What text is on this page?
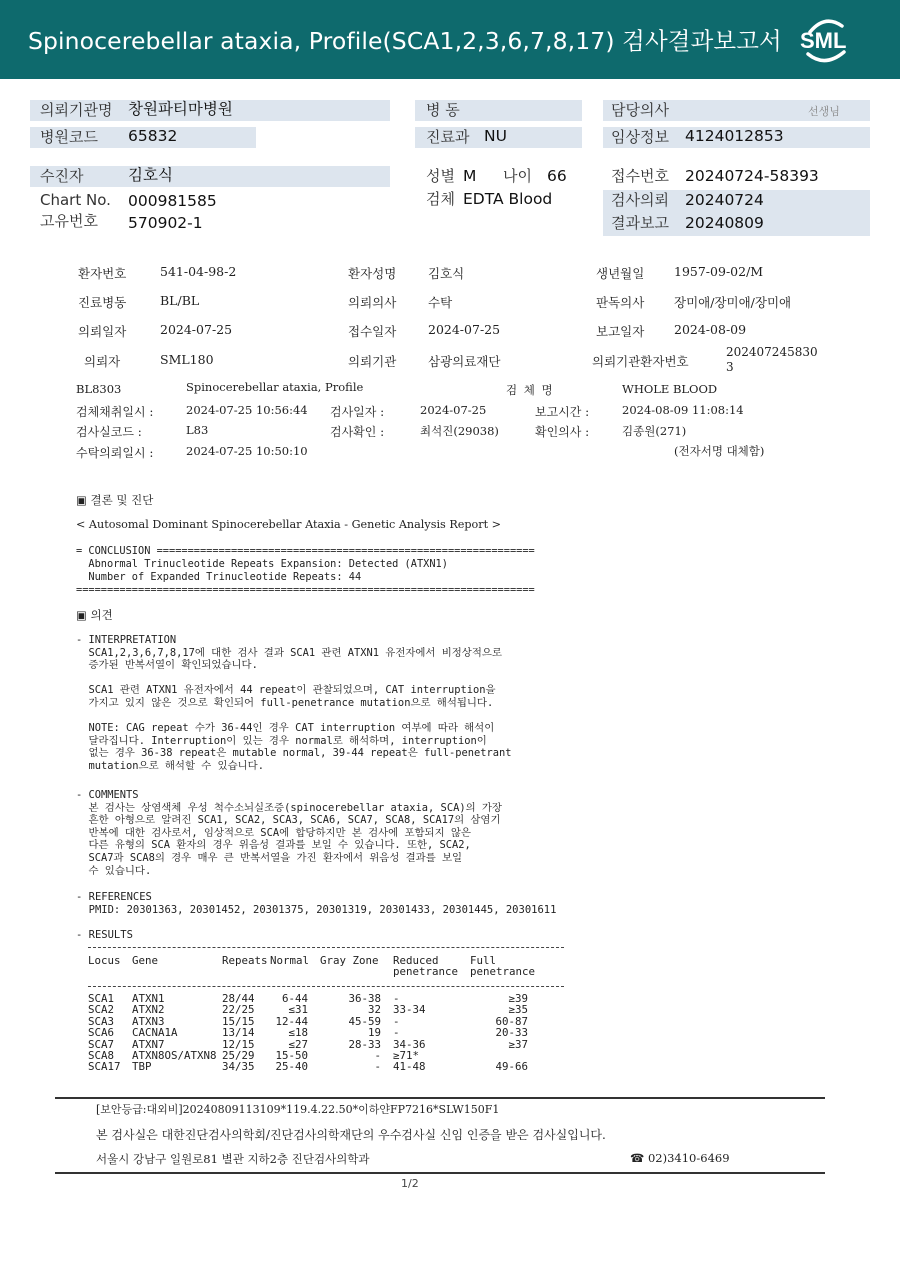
Spinocerebellar ataxia, Profile(SCA1,2,3,6,7,8,17) 검사결과보고서 SML
의뢰기관명 창원파티마병원
병원코드 65832
병 동
진료과 NU
담당의사	선생님
임상정보 4124012853
수진자	김호식
Chart No. 000981585
고유번호 570902-1
성별 M 나이 66
검체 EDTA Blood
접수번호 20240724-58393
검사의뢰 20240724
결과보고 20240809
환자번호	541-04-98-2	환자성명	김호식	생년월일 1957-09-02/M
진료병동	BL/BL	의뢰의사	수탁	판독의사 장미애/장미애/장미애
의뢰일자	2024-07-25	접수일자	2024-07-25	보고일자 2024-08-09
의뢰자	SML180	의뢰기관	삼광의료재단	의뢰기관환자번호
202407245830
3
BL8303	Spinocerebellar ataxia, Profile	검 체 명	WHOLE BLOOD
검체채취일시 :	2024-07-25 10:56:44 검사일자 :	2024-07-25	보고시간 :	2024-08-09 11:08:14
검사실코드 :	L83	검사확인 :	최석진(29038)	확인의사 :	김종원(271)
수탁의뢰일시 :	2024-07-25 10:50:10	(전자서명 대체함)
▣ 결론 및 진단
< Autosomal Dominant Spinocerebellar Ataxia - Genetic Analysis Report >
= CONCLUSION =============================================================
Abnormal Trinucleotide Repeats Expansion: Detected (ATXN1)
Number of Expanded Trinucleotide Repeats: 44
==========================================================================
▣ 의견
- INTERPRETATION
SCA1,2,3,6,7,8,17에 대한 검사 결과 SCA1 관련 ATXN1 유전자에서 비정상적으로
증가된 반복서열이 확인되었습니다.

SCA1 관련 ATXN1 유전자에서 44 repeat이 관찰되었으며, CAT interruption을
가지고 있지 않은 것으로 확인되어 full-penetrance mutation으로 해석됩니다.

NOTE: CAG repeat 수가 36-44인 경우 CAT interruption 여부에 따라 해석이
달라집니다. Interruption이 있는 경우 normal로 해석하며, interruption이
없는 경우 36-38 repeat은 mutable normal, 39-44 repeat은 full-penetrant
mutation으로 해석할 수 있습니다.
- COMMENTS
본 검사는 상염색체 우성 척수소뇌실조증(spinocerebellar ataxia, SCA)의 가장
흔한 아형으로 알려진 SCA1, SCA2, SCA3, SCA6, SCA7, SCA8, SCA17의 삼염기
반복에 대한 검사로서, 임상적으로 SCA에 합당하지만 본 검사에 포함되지 않은
다른 유형의 SCA 환자의 경우 위음성 결과를 보일 수 있습니다. 또한, SCA2,
SCA7과 SCA8의 경우 매우 큰 반복서열을 가진 환자에서 위음성 결과를 보일
수 있습니다.
- REFERENCES
PMID: 20301363, 20301452, 20301375, 20301319, 20301433, 20301445, 20301611
- RESULTS
Locus	Gene	Repeats Normal	Gray Zone	Reduced	Full
penetrance	penetrance
SCA1	ATXN1	28/44	6-44	36-38	-	≥39
SCA2	ATXN2	22/25	≤31	32	33-34	≥35
SCA3	ATXN3	15/15	12-44	45-59	-	60-87
SCA6	CACNA1A	13/14	≤18	19	-	20-33
SCA7	ATXN7	12/15	≤27	28-33	34-36	≥37
SCA8	ATXN8OS/ATXN8 25/29	15-50	-	≥71*
SCA17	TBP	34/35	25-40	-	41-48	49-66
[보안등급:대외비]20240809113109*119.4.22.50*이하얀FP7216*SLW150F1
본 검사실은 대한진단검사의학회/진단검사의학재단의 우수검사실 신임 인증을 받은 검사실입니다.
서울시 강남구 일원로81 별관 지하2층 진단검사의학과	☎ 02)3410-6469
1/2
